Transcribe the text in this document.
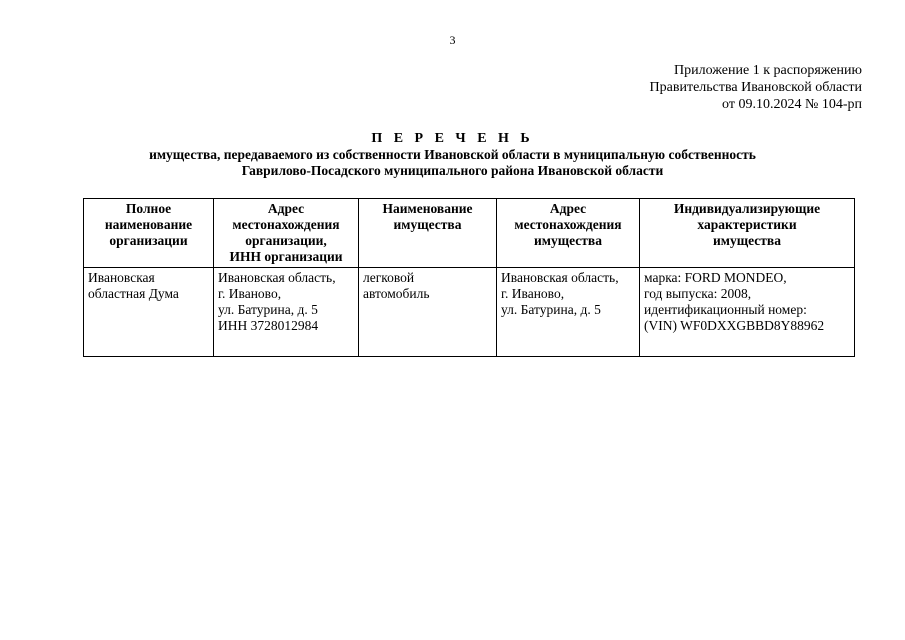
3
Приложение 1 к распоряжению
Правительства Ивановской области
от 09.10.2024 № 104-рп
П Е Р Е Ч Е Н Ь
имущества, передаваемого из собственности Ивановской области в муниципальную собственность
Гаврилово-Посадского муниципального района Ивановской области
Полное
наименование
организации	Адрес
местонахождения
организации,
ИНН организации	Наименование
имущества	Адрес
местонахождения
имущества	Индивидуализирующие
характеристики
имущества

Ивановская
областная Дума	Ивановская область,
г. Иваново,
ул. Батурина, д. 5
ИНН 3728012984	легковой
автомобиль	Ивановская область,
г. Иваново,
ул. Батурина, д. 5	марка: FORD MONDEO,
год выпуска: 2008,
идентификационный номер:
(VIN) WF0DXXGBBD8Y88962
